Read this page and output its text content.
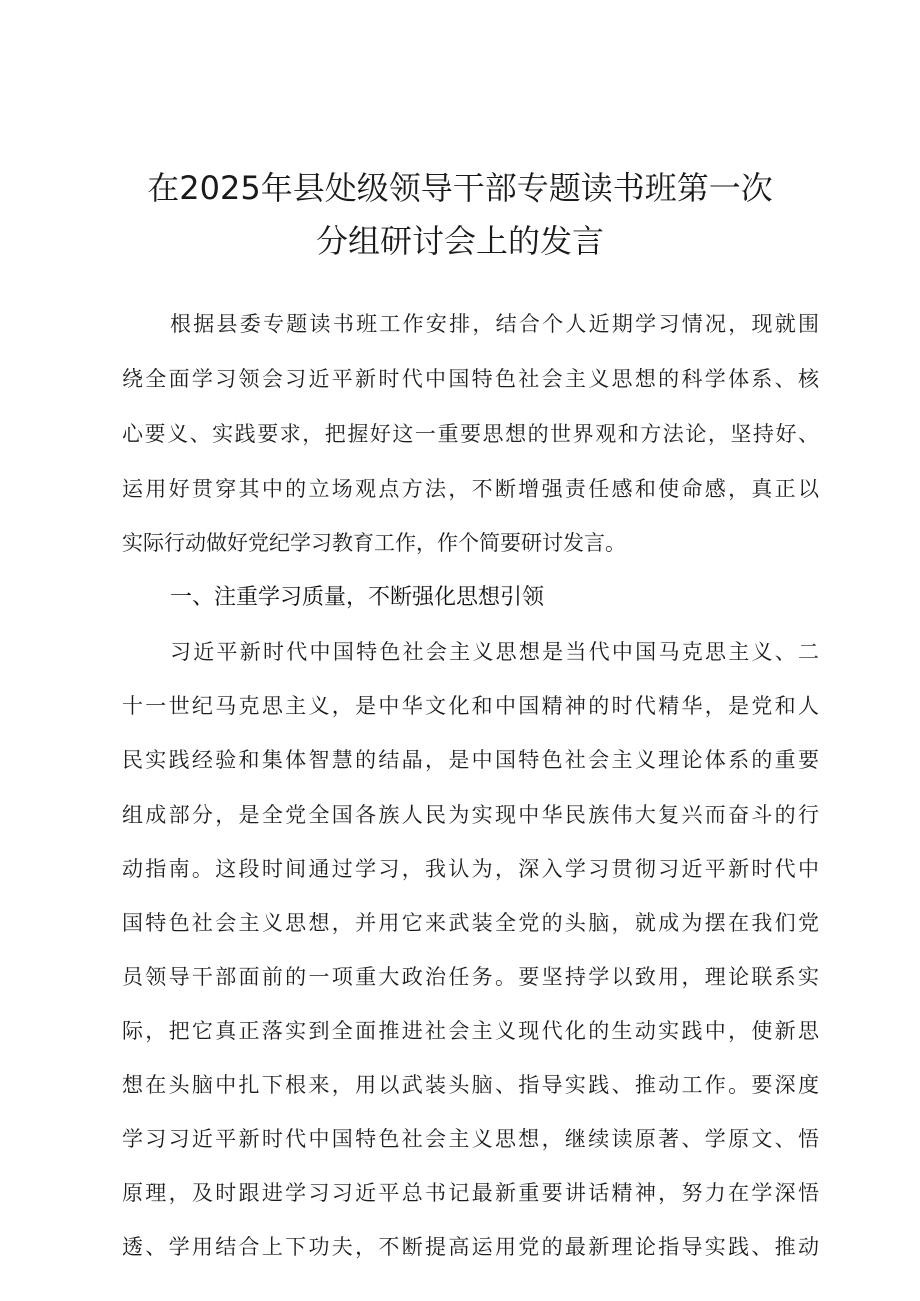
在2025年县处级领导干部专题读书班第一次
分组研讨会上的发言
根据县委专题读书班工作安排，结合个人近期学习情况，现就围
绕全面学习领会习近平新时代中国特色社会主义思想的科学体系、核
心要义、实践要求，把握好这一重要思想的世界观和方法论，坚持好、
运用好贯穿其中的立场观点方法，不断增强责任感和使命感，真正以
实际行动做好党纪学习教育工作，作个简要研讨发言。
一、注重学习质量，不断强化思想引领
习近平新时代中国特色社会主义思想是当代中国马克思主义、二
十一世纪马克思主义，是中华文化和中国精神的时代精华，是党和人
民实践经验和集体智慧的结晶，是中国特色社会主义理论体系的重要
组成部分，是全党全国各族人民为实现中华民族伟大复兴而奋斗的行
动指南。这段时间通过学习，我认为，深入学习贯彻习近平新时代中
国特色社会主义思想，并用它来武装全党的头脑，就成为摆在我们党
员领导干部面前的一项重大政治任务。要坚持学以致用，理论联系实
际，把它真正落实到全面推进社会主义现代化的生动实践中，使新思
想在头脑中扎下根来，用以武装头脑、指导实践、推动工作。要深度
学习习近平新时代中国特色社会主义思想，继续读原著、学原文、悟
原理，及时跟进学习习近平总书记最新重要讲话精神，努力在学深悟
透、学用结合上下功夫，不断提高运用党的最新理论指导实践、推动
